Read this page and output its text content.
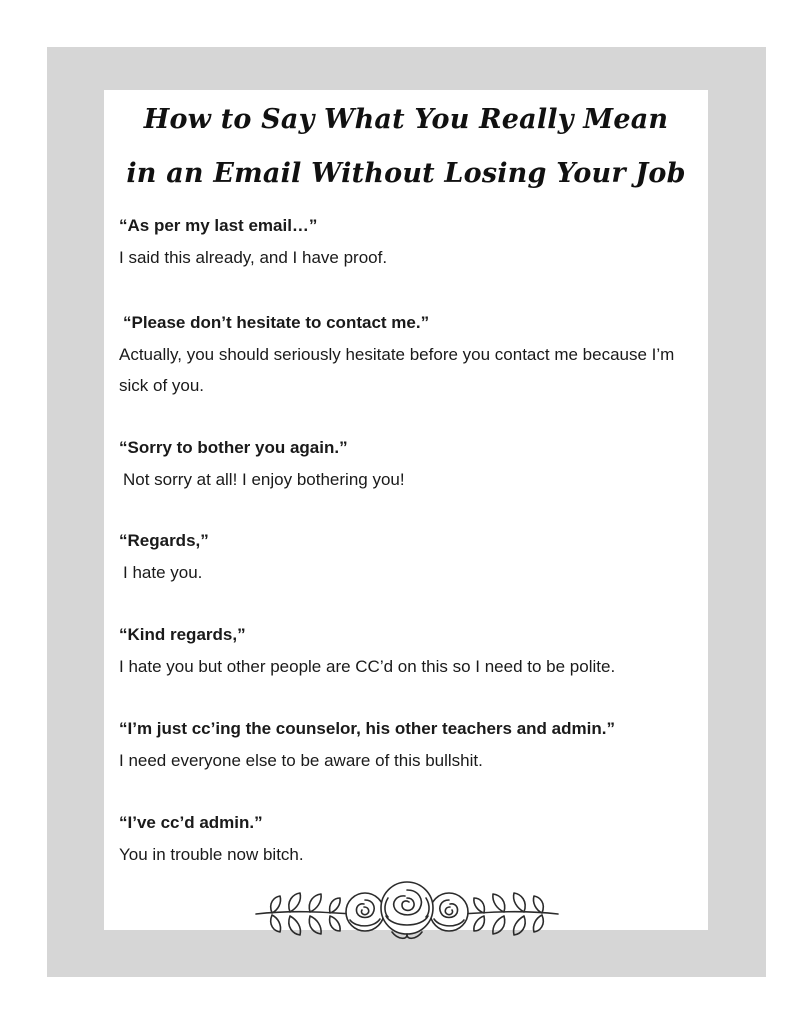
How to Say What You Really Mean
in an Email Without Losing Your Job
“As per my last email…”
I said this already, and I have proof.
“Please don’t hesitate to contact me.”
Actually, you should seriously hesitate before you contact me because I’m sick of you.
“Sorry to bother you again.”
Not sorry at all! I enjoy bothering you!
“Regards,”
I hate you.
“Kind regards,”
I hate you but other people are CC’d on this so I need to be polite.
“I’m just cc’ing the counselor, his other teachers and admin.”
I need everyone else to be aware of this bullshit.
“I’ve cc’d admin.”
You in trouble now bitch.
